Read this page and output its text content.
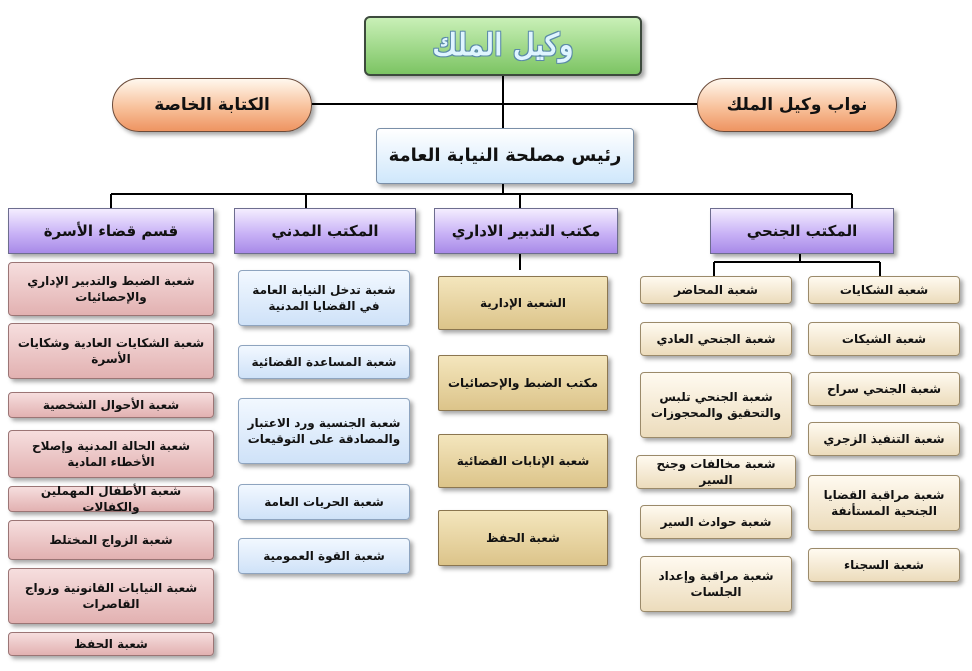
وكيل الملك
الكتابة الخاصة	نواب وكيل الملك
رئيس مصلحة النيابة العامة
قسم قضاء الأسرة	المكتب المدني	مكتب التدبير الاداري	المكتب الجنحي
شعبة الضبط والتدبير الإداري والإحصائيات
شعبة الشكايات العادية وشكايات الأسرة
شعبة الأحوال الشخصية
شعبة الحالة المدنية وإصلاح الأخطاء المادية
شعبة الأطفال المهملين والكفالات
شعبة الزواج المختلط
شعبة النيابات القانونية وزواج القاصرات
شعبة الحفظ
شعبة تدخل النيابة العامة في القضايا المدنية
شعبة المساعدة القضائية
شعبة الجنسية ورد الاعتبار والمصادقة على التوقيعات
شعبة الحريات العامة
شعبة القوة العمومية
الشعبة الإدارية
مكتب الضبط والإحصائيات
شعبة الإنابات القضائية
شعبة الحفظ
شعبة المحاضر
شعبة الجنحي العادي
شعبة الجنحي تلبس والتحقيق والمحجوزات
شعبة مخالفات وجنح السير
شعبة حوادث السير
شعبة مراقبة وإعداد الجلسات
شعبة الشكايات
شعبة الشيكات
شعبة الجنحي سراح
شعبة التنفيذ الزجري
شعبة مراقبة القضايا الجنحية المستأنفة
شعبة السجناء
